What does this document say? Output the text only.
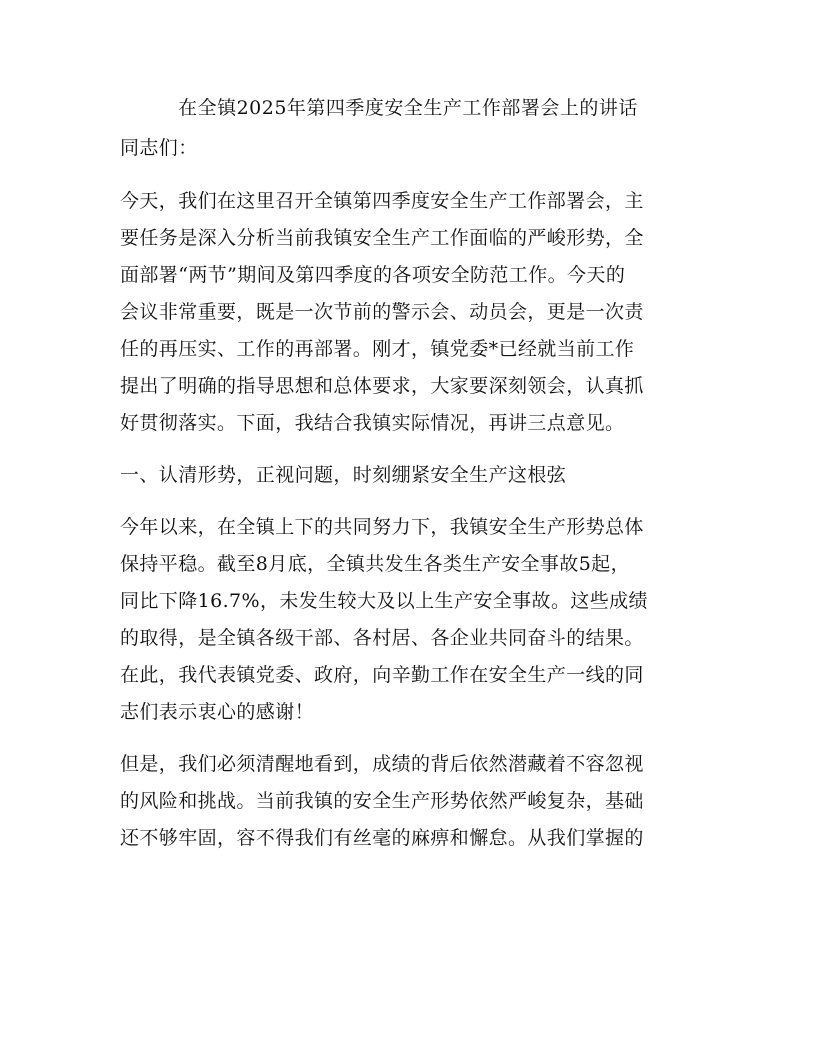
在全镇2025年第四季度安全生产工作部署会上的讲话
同志们：
今天，我们在这里召开全镇第四季度安全生产工作部署会，主
要任务是深入分析当前我镇安全生产工作面临的严峻形势，全
面部署“两节”期间及第四季度的各项安全防范工作。今天的
会议非常重要，既是一次节前的警示会、动员会，更是一次责
任的再压实、工作的再部署。刚才，镇党委*已经就当前工作
提出了明确的指导思想和总体要求，大家要深刻领会，认真抓
好贯彻落实。下面，我结合我镇实际情况，再讲三点意见。
一、认清形势，正视问题，时刻绷紧安全生产这根弦
今年以来，在全镇上下的共同努力下，我镇安全生产形势总体
保持平稳。截至8月底，全镇共发生各类生产安全事故5起，
同比下降16.7%，未发生较大及以上生产安全事故。这些成绩
的取得，是全镇各级干部、各村居、各企业共同奋斗的结果。
在此，我代表镇党委、政府，向辛勤工作在安全生产一线的同
志们表示衷心的感谢！
但是，我们必须清醒地看到，成绩的背后依然潜藏着不容忽视
的风险和挑战。当前我镇的安全生产形势依然严峻复杂，基础
还不够牢固，容不得我们有丝毫的麻痹和懈怠。从我们掌握的
